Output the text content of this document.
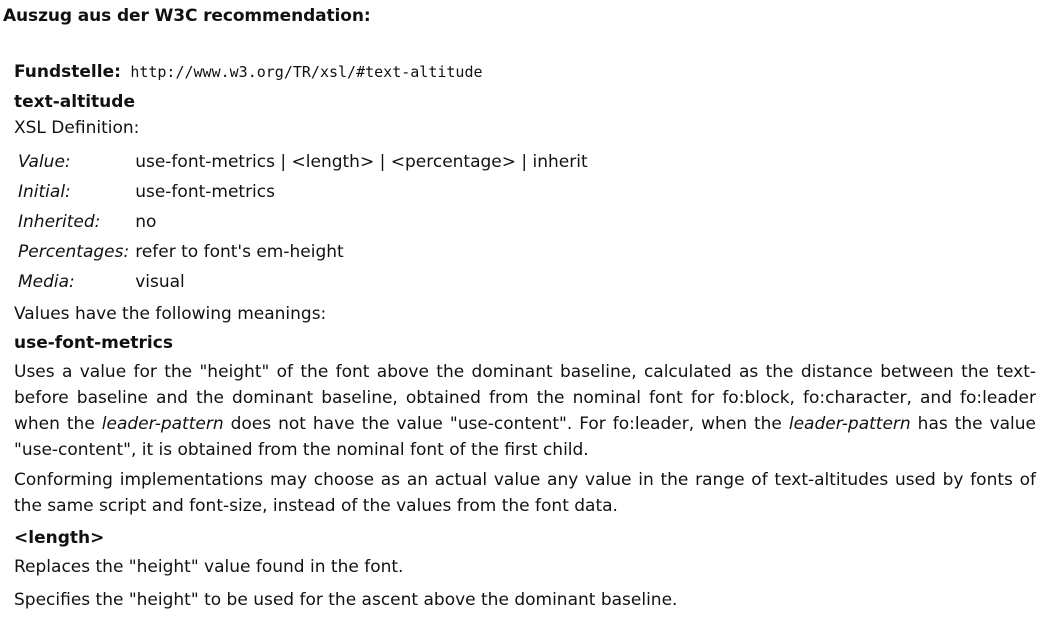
Auszug aus der W3C recommendation:

Fundstelle: http://www.w3.org/TR/xsl/#text-altitude

text-altitude

XSL Definition:

Value:	use-font-metrics | <length> | <percentage> | inherit
Initial:	use-font-metrics
Inherited:	no
Percentages:	refer to font's em-height
Media:	visual

Values have the following meanings:

use-font-metrics

Uses a value for the "height" of the font above the dominant baseline, calculated as the distance between the text-before baseline and the dominant baseline, obtained from the nominal font for fo:block, fo:character, and fo:leader when the leader-pattern does not have the value "use-content". For fo:leader, when the leader-pattern has the value "use-content", it is obtained from the nominal font of the first child.

Conforming implementations may choose as an actual value any value in the range of text-altitudes used by fonts of the same script and font-size, instead of the values from the font data.

<length>

Replaces the "height" value found in the font.

Specifies the "height" to be used for the ascent above the dominant baseline.
